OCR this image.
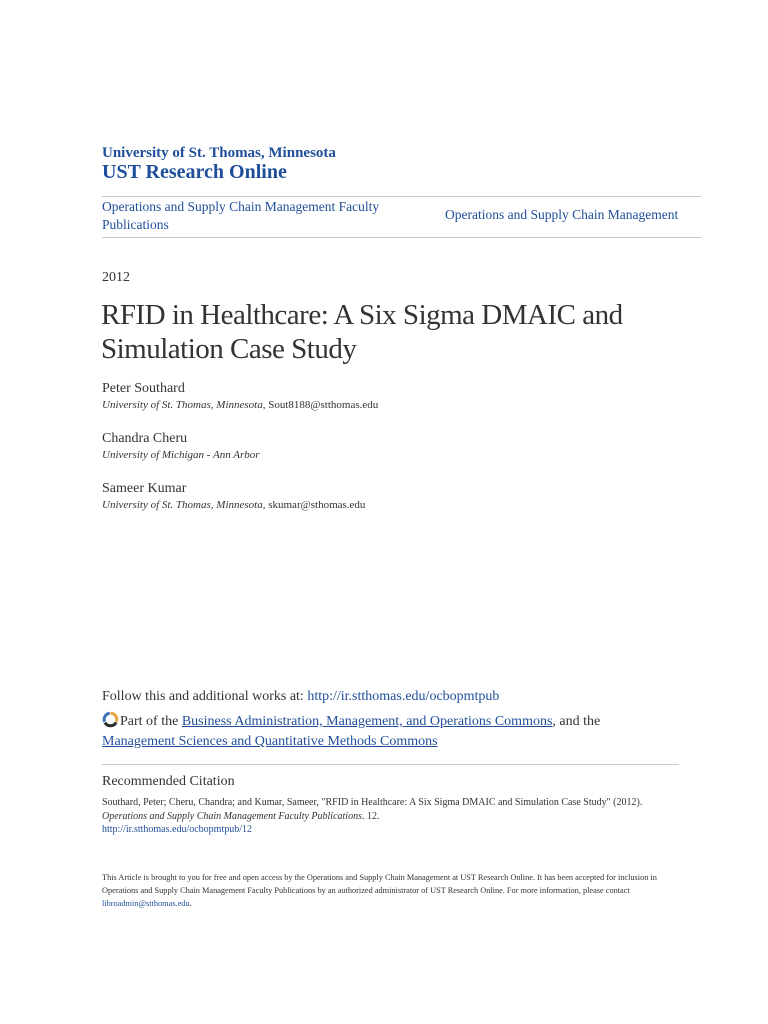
University of St. Thomas, Minnesota
UST Research Online
Operations and Supply Chain Management Faculty Publications
Operations and Supply Chain Management
2012
RFID in Healthcare: A Six Sigma DMAIC and Simulation Case Study
Peter Southard
University of St. Thomas, Minnesota, Sout8188@stthomas.edu
Chandra Cheru
University of Michigan - Ann Arbor
Sameer Kumar
University of St. Thomas, Minnesota, skumar@sthomas.edu
Follow this and additional works at: http://ir.stthomas.edu/ocbopmtpub
Part of the Business Administration, Management, and Operations Commons, and the
Management Sciences and Quantitative Methods Commons
Recommended Citation
Southard, Peter; Cheru, Chandra; and Kumar, Sameer, "RFID in Healthcare: A Six Sigma DMAIC and Simulation Case Study" (2012). Operations and Supply Chain Management Faculty Publications. 12.
http://ir.stthomas.edu/ocbopmtpub/12
This Article is brought to you for free and open access by the Operations and Supply Chain Management at UST Research Online. It has been accepted for inclusion in Operations and Supply Chain Management Faculty Publications by an authorized administrator of UST Research Online. For more information, please contact libroadmin@stthomas.edu.
